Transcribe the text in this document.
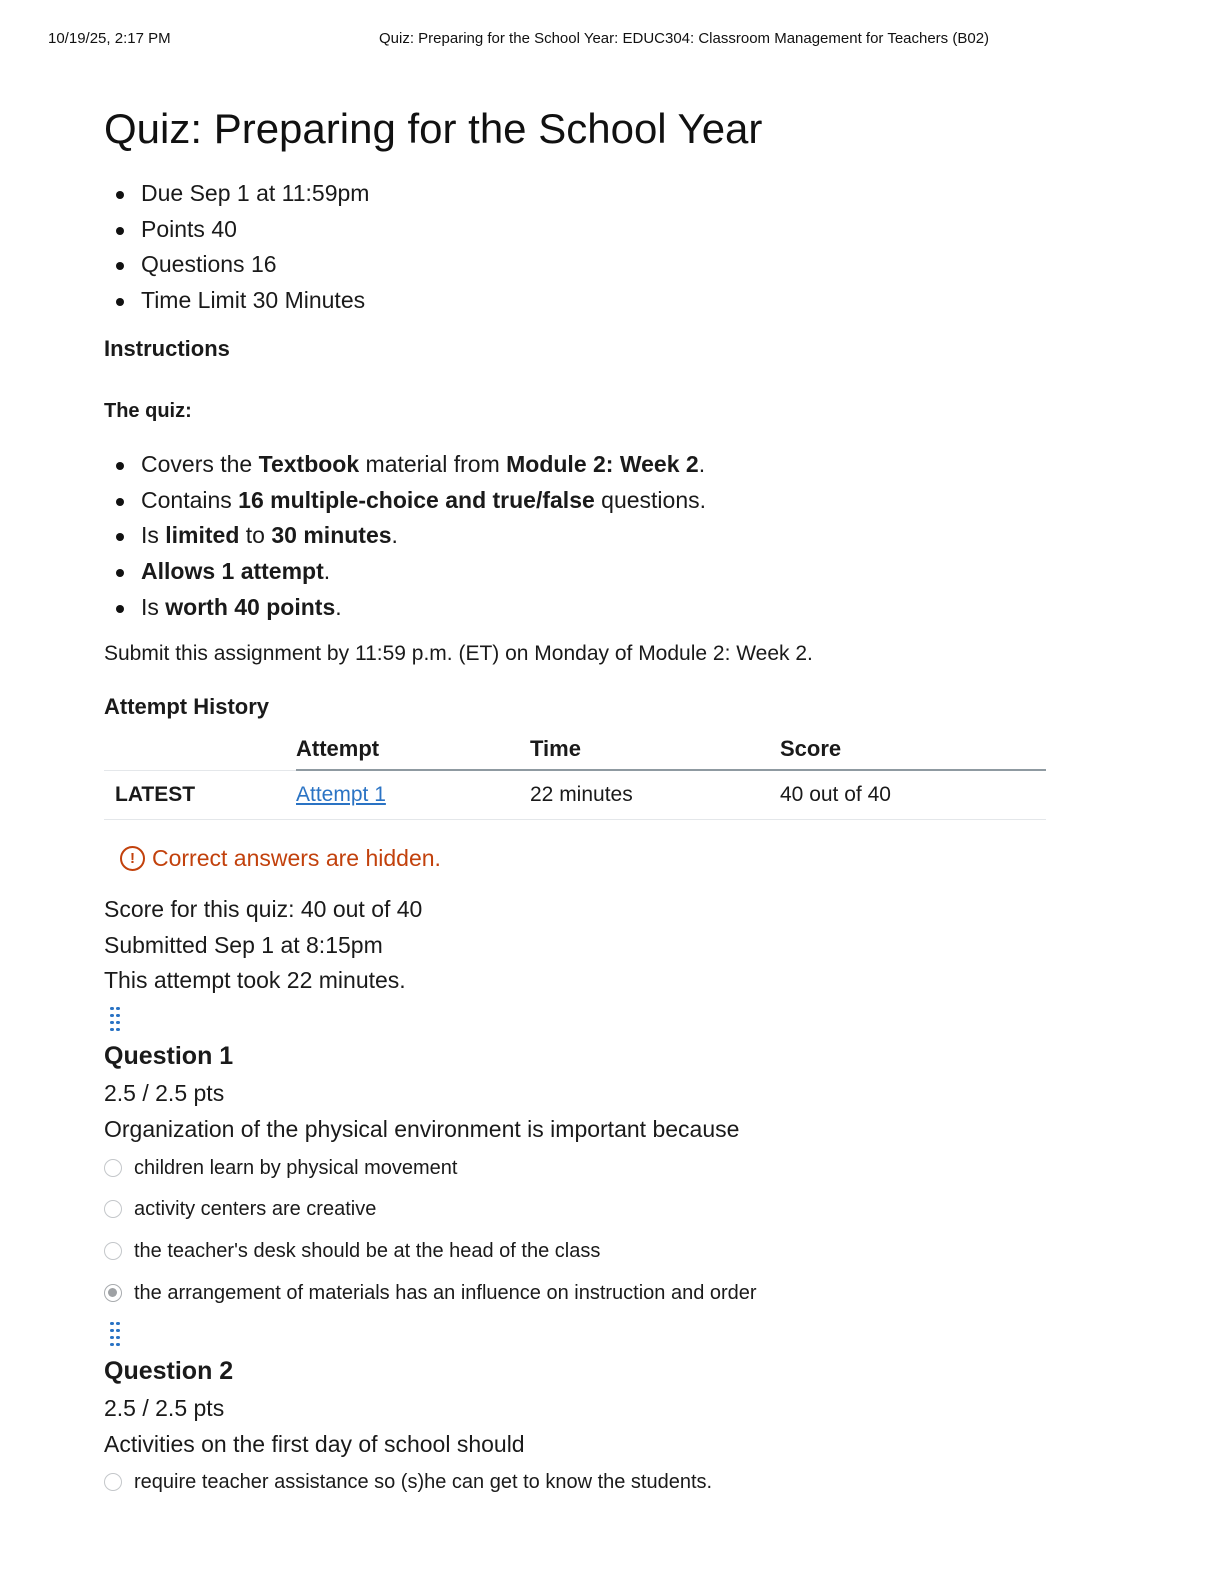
10/19/25, 2:17 PM	Quiz: Preparing for the School Year: EDUC304: Classroom Management for Teachers (B02)
Quiz: Preparing for the School Year
Due Sep 1 at 11:59pm
Points 40
Questions 16
Time Limit 30 Minutes
Instructions
The quiz:
Covers the Textbook material from Module 2: Week 2.
Contains 16 multiple-choice and true/false questions.
Is limited to 30 minutes.
Allows 1 attempt.
Is worth 40 points.
Submit this assignment by 11:59 p.m. (ET) on Monday of Module 2: Week 2.
Attempt History
	Attempt	Time	Score
LATEST	Attempt 1	22 minutes	40 out of 40
! Correct answers are hidden.
Score for this quiz: 40 out of 40
Submitted Sep 1 at 8:15pm
This attempt took 22 minutes.
Question 1
2.5 / 2.5 pts
Organization of the physical environment is important because
children learn by physical movement
activity centers are creative
the teacher's desk should be at the head of the class
the arrangement of materials has an influence on instruction and order
Question 2
2.5 / 2.5 pts
Activities on the first day of school should
require teacher assistance so (s)he can get to know the students.
